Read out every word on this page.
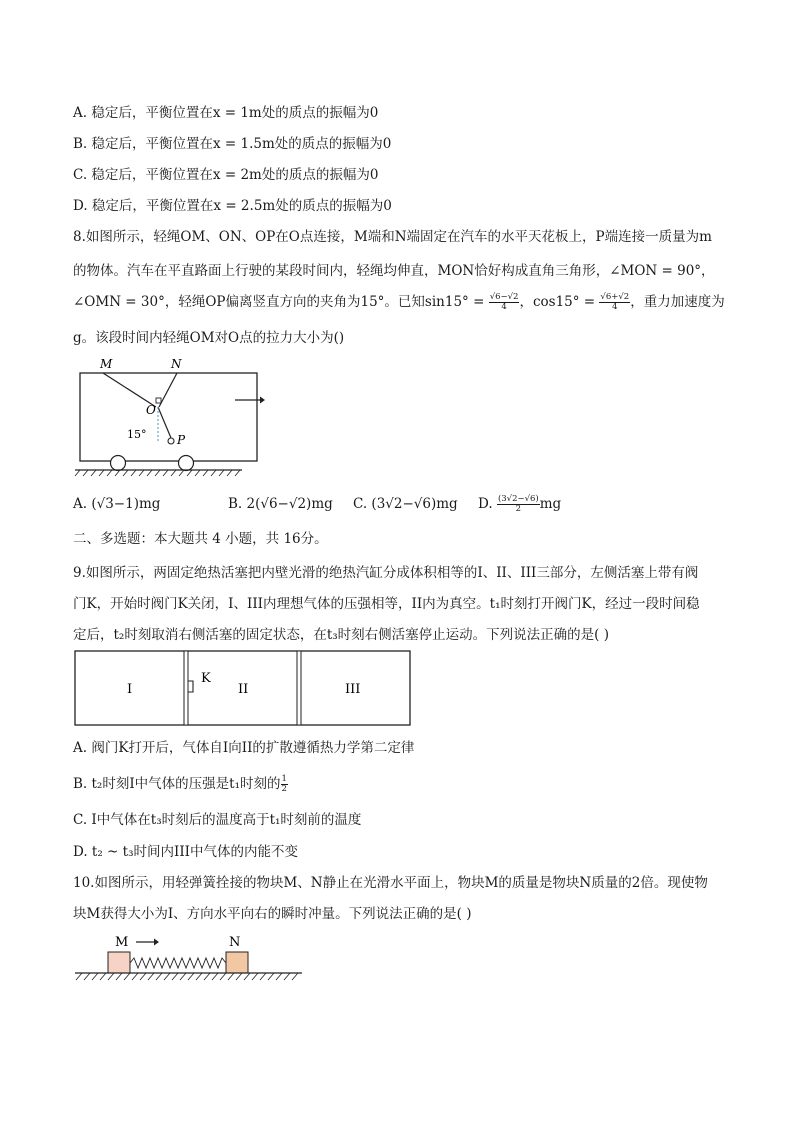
A. 稳定后，平衡位置在x = 1m处的质点的振幅为0
B. 稳定后，平衡位置在x = 1.5m处的质点的振幅为0
C. 稳定后，平衡位置在x = 2m处的质点的振幅为0
D. 稳定后，平衡位置在x = 2.5m处的质点的振幅为0
8.如图所示，轻绳OM、ON、OP在O点连接，M端和N端固定在汽车的水平天花板上，P端连接一质量为m
的物体。汽车在平直路面上行驶的某段时间内，轻绳均伸直，MON恰好构成直角三角形，∠MON = 90°，
∠OMN = 30°，轻绳OP偏离竖直方向的夹角为15°。已知$\sin 15^\circ = \frac{√6-√2}{4}$ ，$\cos 15^\circ = \frac{√6+√2}{4}$ ，重力加速度为
g。该段时间内轻绳OM对O点的拉力大小为()
M	N
O
P
15°
A. (√3−1)mg	B. 2(√6−√2)mg C. (3√2−√6)mg D. $\frac{(3√2-√6)}{2}$ mg
二、多选题：本大题共 4 小题，共 16分。
9.如图所示，两固定绝热活塞把内壁光滑的绝热汽缸分成体积相等的I、II、III三部分，左侧活塞上带有阀
门K，开始时阀门K关闭，I、III内理想气体的压强相等，II内为真空。t₁时刻打开阀门K，经过一段时间稳
定后，t₂时刻取消右侧活塞的固定状态，在t₃时刻右侧活塞停止运动。下列说法正确的是( )
I	II	III
K
A. 阀门K打开后，气体自I向II的扩散遵循热力学第二定律
B. t₂时刻I中气体的压强是t₁时刻的 $\frac{1}{2}$
C. I中气体在t₃时刻后的温度高于t₁时刻前的温度
D. t₂ ~ t₃时间内III中气体的内能不变
10.如图所示，用轻弹簧拴接的物块M、N静止在光滑水平面上，物块M的质量是物块N质量的2倍。现使物
块M获得大小为I、方向水平向右的瞬时冲量。下列说法正确的是( )
M	N
